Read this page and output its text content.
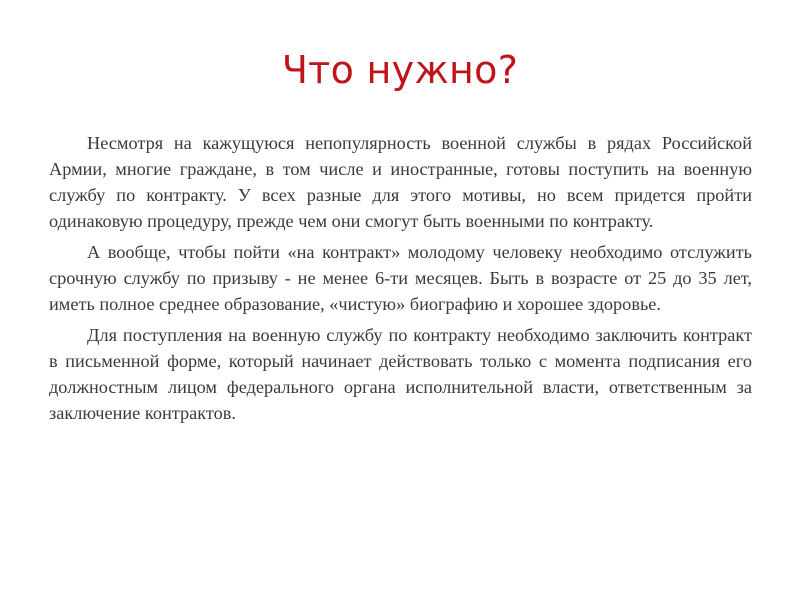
Что нужно?

Несмотря на кажущуюся непопулярность военной службы в рядах Российской Армии, многие граждане, в том числе и иностранные, готовы поступить на военную службу по контракту. У всех разные для этого мотивы, но всем придется пройти одинаковую процедуру, прежде чем они смогут быть военными по контракту.

А вообще, чтобы пойти «на контракт» молодому человеку необходимо отслужить срочную службу по призыву - не менее 6-ти месяцев. Быть в возрасте от 25 до 35 лет, иметь полное среднее образование, «чистую» биографию и хорошее здоровье.

Для поступления на военную службу по контракту необходимо заключить контракт в письменной форме, который начинает действовать только с момента подписания его должностным лицом федерального органа исполнительной власти, ответственным за заключение контрактов.
